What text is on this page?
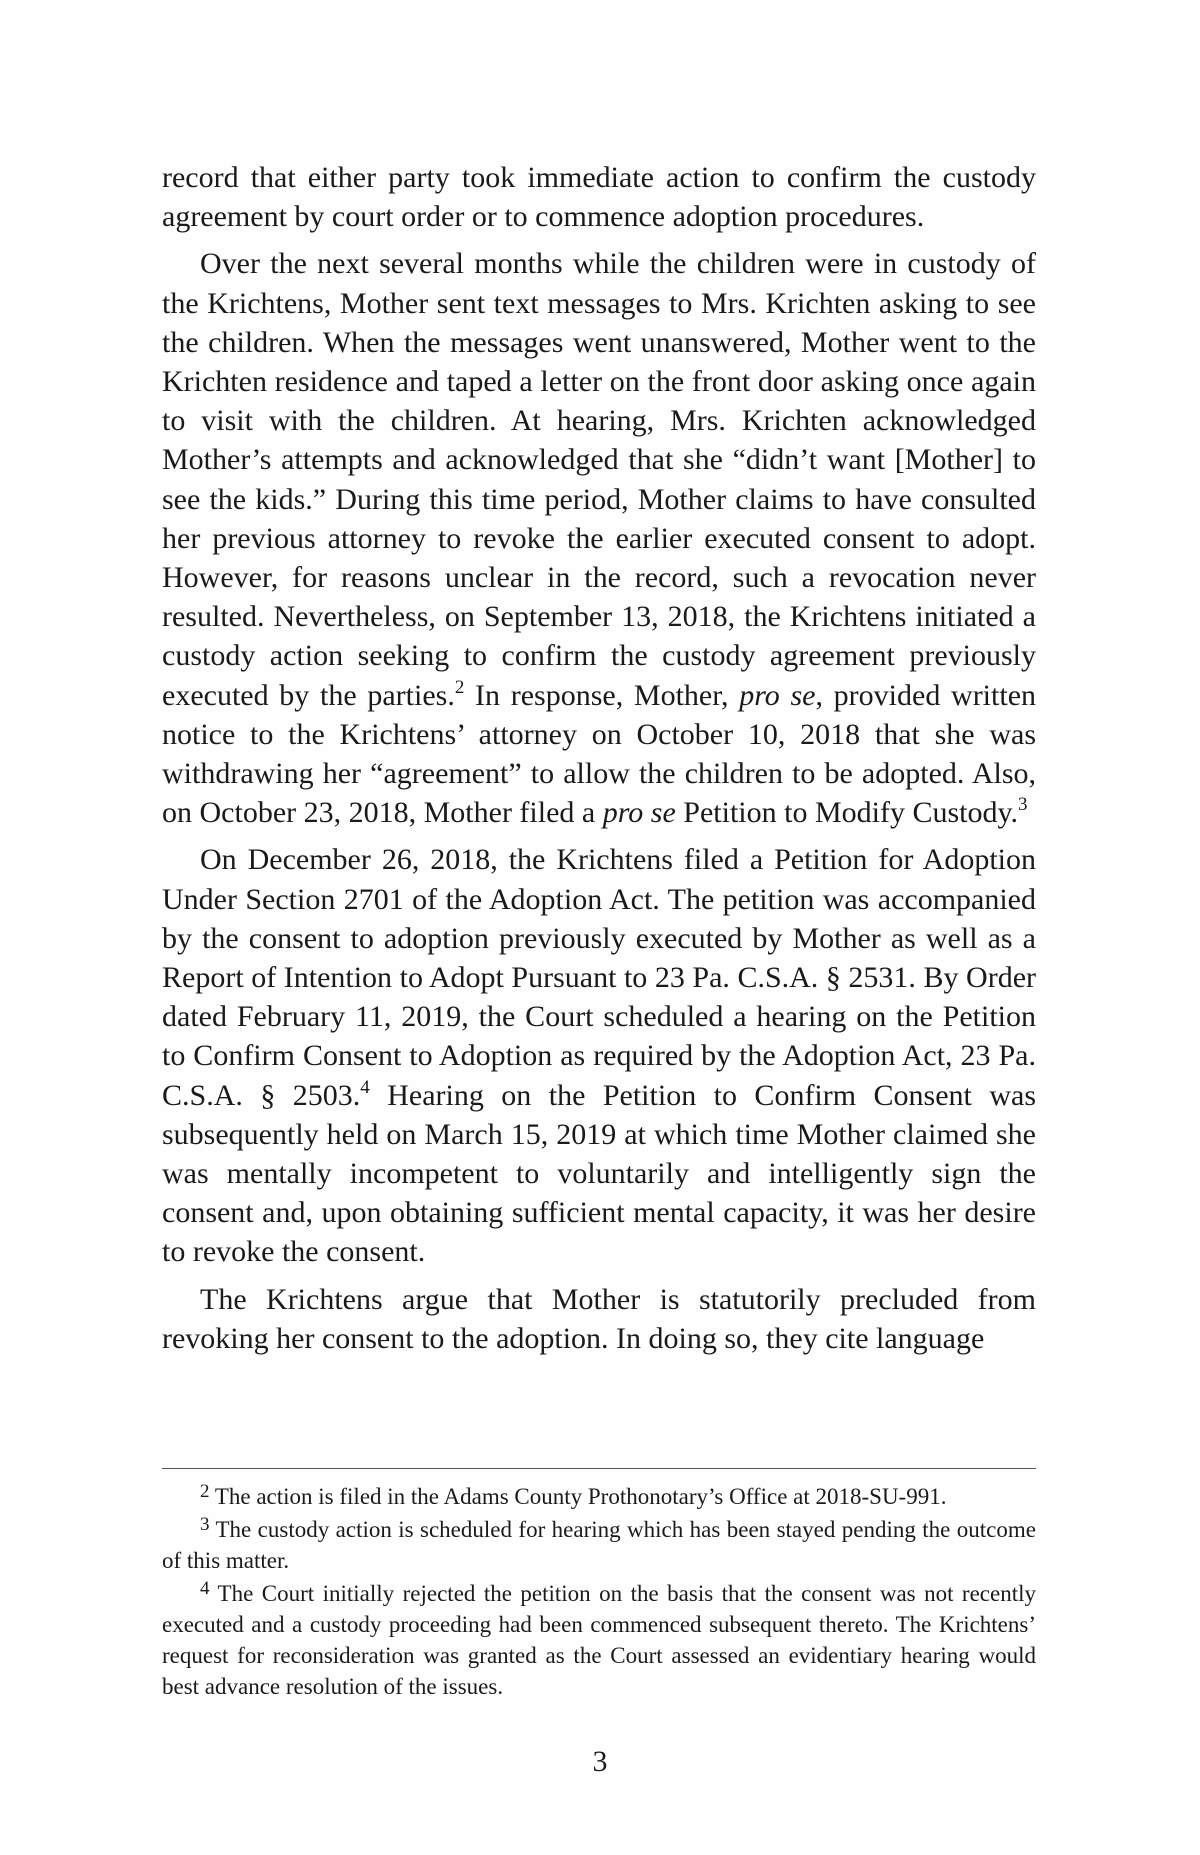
record that either party took immediate action to confirm the custody agreement by court order or to commence adoption procedures.

Over the next several months while the children were in custody of the Krichtens, Mother sent text messages to Mrs. Krichten asking to see the children. When the messages went unanswered, Mother went to the Krichten residence and taped a letter on the front door asking once again to visit with the children. At hearing, Mrs. Krichten acknowledged Mother’s attempts and acknowledged that she “didn’t want [Mother] to see the kids.” During this time period, Mother claims to have consulted her previous attorney to revoke the earlier executed consent to adopt. However, for reasons unclear in the record, such a revocation never resulted. Nevertheless, on September 13, 2018, the Krichtens initiated a custody action seeking to confirm the custody agreement previously executed by the parties.$^2$ In response, Mother, pro se, provided written notice to the Krichtens’ attorney on October 10, 2018 that she was withdrawing her “agreement” to allow the children to be adopted. Also, on October 23, 2018, Mother filed a pro se Petition to Modify Custody.$^3$

On December 26, 2018, the Krichtens filed a Petition for Adoption Under Section 2701 of the Adoption Act. The petition was accompanied by the consent to adoption previously executed by Mother as well as a Report of Intention to Adopt Pursuant to 23 Pa. C.S.A. § 2531. By Order dated February 11, 2019, the Court scheduled a hearing on the Petition to Confirm Consent to Adoption as required by the Adoption Act, 23 Pa. C.S.A. § 2503.$^4$ Hearing on the Petition to Confirm Consent was subsequently held on March 15, 2019 at which time Mother claimed she was mentally incompetent to voluntarily and intelligently sign the consent and, upon obtaining sufficient mental capacity, it was her desire to revoke the consent.

The Krichtens argue that Mother is statutorily precluded from revoking her consent to the adoption. In doing so, they cite language

$^2$ The action is filed in the Adams County Prothonotary’s Office at 2018-SU-991.

$^3$ The custody action is scheduled for hearing which has been stayed pending the outcome of this matter.

$^4$ The Court initially rejected the petition on the basis that the consent was not recently executed and a custody proceeding had been commenced subsequent thereto. The Krichtens’ request for reconsideration was granted as the Court assessed an evidentiary hearing would best advance resolution of the issues.

3
